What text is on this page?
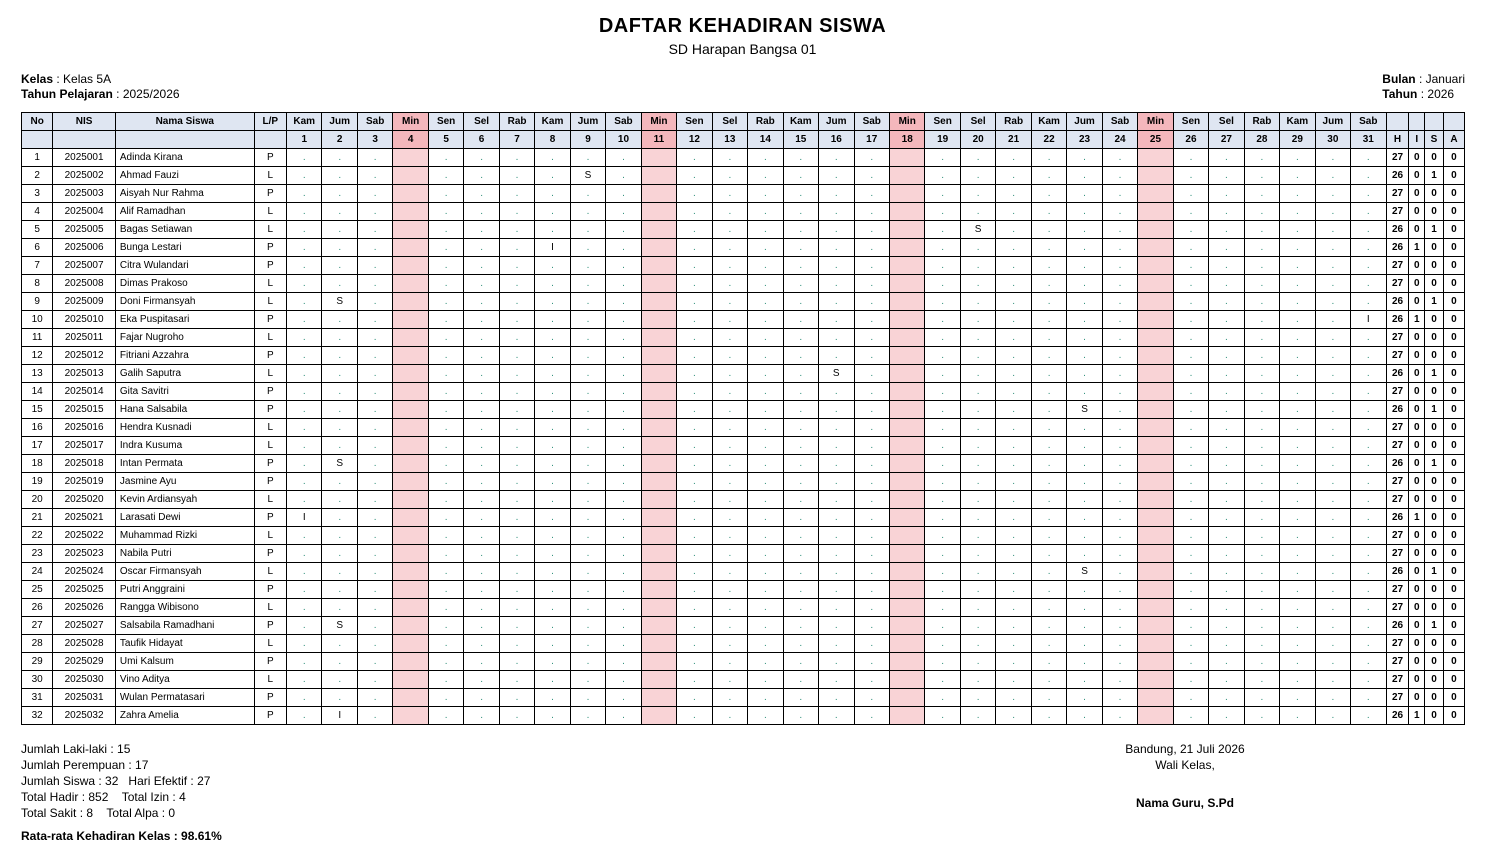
DAFTAR KEHADIRAN SISWA
SD Harapan Bangsa 01
Kelas : Kelas 5A
Tahun Pelajaran : 2025/2026
Bulan : Januari
Tahun : 2026
No	NIS	Nama Siswa	L/P	Kam	Jum	Sab	Min	Sen	Sel	Rab	Kam	Jum	Sab	Min	Sen	Sel	Rab	Kam	Jum	Sab	Min	Sen	Sel	Rab	Kam	Jum	Sab	Min	Sen	Sel	Rab	Kam	Jum	Sab				
				1	2	3	4	5	6	7	8	9	10	11	12	13	14	15	16	17	18	19	20	21	22	23	24	25	26	27	28	29	30	31	H	I	S	A
1	2025001	Adinda Kirana	P	.	.	.		.	.	.	.	.	.		.	.	.	.	.	.		.	.	.	.	.	.		.	.	.	.	.	.	27	0	0	0
2	2025002	Ahmad Fauzi	L	.	.	.		.	.	.	.	S	.		.	.	.	.	.	.		.	.	.	.	.	.		.	.	.	.	.	.	26	0	1	0
3	2025003	Aisyah Nur Rahma	P	.	.	.		.	.	.	.	.	.		.	.	.	.	.	.		.	.	.	.	.	.		.	.	.	.	.	.	27	0	0	0
4	2025004	Alif Ramadhan	L	.	.	.		.	.	.	.	.	.		.	.	.	.	.	.		.	.	.	.	.	.		.	.	.	.	.	.	27	0	0	0
5	2025005	Bagas Setiawan	L	.	.	.		.	.	.	.	.	.		.	.	.	.	.	.		.	S	.	.	.	.		.	.	.	.	.	.	26	0	1	0
6	2025006	Bunga Lestari	P	.	.	.		.	.	.	I	.	.		.	.	.	.	.	.		.	.	.	.	.	.		.	.	.	.	.	.	26	1	0	0
7	2025007	Citra Wulandari	P	.	.	.		.	.	.	.	.	.		.	.	.	.	.	.		.	.	.	.	.	.		.	.	.	.	.	.	27	0	0	0
8	2025008	Dimas Prakoso	L	.	.	.		.	.	.	.	.	.		.	.	.	.	.	.		.	.	.	.	.	.		.	.	.	.	.	.	27	0	0	0
9	2025009	Doni Firmansyah	L	.	S	.		.	.	.	.	.	.		.	.	.	.	.	.		.	.	.	.	.	.		.	.	.	.	.	.	26	0	1	0
10	2025010	Eka Puspitasari	P	.	.	.		.	.	.	.	.	.		.	.	.	.	.	.		.	.	.	.	.	.		.	.	.	.	.	I	26	1	0	0
11	2025011	Fajar Nugroho	L	.	.	.		.	.	.	.	.	.		.	.	.	.	.	.		.	.	.	.	.	.		.	.	.	.	.	.	27	0	0	0
12	2025012	Fitriani Azzahra	P	.	.	.		.	.	.	.	.	.		.	.	.	.	.	.		.	.	.	.	.	.		.	.	.	.	.	.	27	0	0	0
13	2025013	Galih Saputra	L	.	.	.		.	.	.	.	.	.		.	.	.	.	S	.		.	.	.	.	.	.		.	.	.	.	.	.	26	0	1	0
14	2025014	Gita Savitri	P	.	.	.		.	.	.	.	.	.		.	.	.	.	.	.		.	.	.	.	.	.		.	.	.	.	.	.	27	0	0	0
15	2025015	Hana Salsabila	P	.	.	.		.	.	.	.	.	.		.	.	.	.	.	.		.	.	.	.	S	.		.	.	.	.	.	.	26	0	1	0
16	2025016	Hendra Kusnadi	L	.	.	.		.	.	.	.	.	.		.	.	.	.	.	.		.	.	.	.	.	.		.	.	.	.	.	.	27	0	0	0
17	2025017	Indra Kusuma	L	.	.	.		.	.	.	.	.	.		.	.	.	.	.	.		.	.	.	.	.	.		.	.	.	.	.	.	27	0	0	0
18	2025018	Intan Permata	P	.	S	.		.	.	.	.	.	.		.	.	.	.	.	.		.	.	.	.	.	.		.	.	.	.	.	.	26	0	1	0
19	2025019	Jasmine Ayu	P	.	.	.		.	.	.	.	.	.		.	.	.	.	.	.		.	.	.	.	.	.		.	.	.	.	.	.	27	0	0	0
20	2025020	Kevin Ardiansyah	L	.	.	.		.	.	.	.	.	.		.	.	.	.	.	.		.	.	.	.	.	.		.	.	.	.	.	.	27	0	0	0
21	2025021	Larasati Dewi	P	I	.	.		.	.	.	.	.	.		.	.	.	.	.	.		.	.	.	.	.	.		.	.	.	.	.	.	26	1	0	0
22	2025022	Muhammad Rizki	L	.	.	.		.	.	.	.	.	.		.	.	.	.	.	.		.	.	.	.	.	.		.	.	.	.	.	.	27	0	0	0
23	2025023	Nabila Putri	P	.	.	.		.	.	.	.	.	.		.	.	.	.	.	.		.	.	.	.	.	.		.	.	.	.	.	.	27	0	0	0
24	2025024	Oscar Firmansyah	L	.	.	.		.	.	.	.	.	.		.	.	.	.	.	.		.	.	.	.	S	.		.	.	.	.	.	.	26	0	1	0
25	2025025	Putri Anggraini	P	.	.	.		.	.	.	.	.	.		.	.	.	.	.	.		.	.	.	.	.	.		.	.	.	.	.	.	27	0	0	0
26	2025026	Rangga Wibisono	L	.	.	.		.	.	.	.	.	.		.	.	.	.	.	.		.	.	.	.	.	.		.	.	.	.	.	.	27	0	0	0
27	2025027	Salsabila Ramadhani	P	.	S	.		.	.	.	.	.	.		.	.	.	.	.	.		.	.	.	.	.	.		.	.	.	.	.	.	26	0	1	0
28	2025028	Taufik Hidayat	L	.	.	.		.	.	.	.	.	.		.	.	.	.	.	.		.	.	.	.	.	.		.	.	.	.	.	.	27	0	0	0
29	2025029	Umi Kalsum	P	.	.	.		.	.	.	.	.	.		.	.	.	.	.	.		.	.	.	.	.	.		.	.	.	.	.	.	27	0	0	0
30	2025030	Vino Aditya	L	.	.	.		.	.	.	.	.	.		.	.	.	.	.	.		.	.	.	.	.	.		.	.	.	.	.	.	27	0	0	0
31	2025031	Wulan Permatasari	P	.	.	.		.	.	.	.	.	.		.	.	.	.	.	.		.	.	.	.	.	.		.	.	.	.	.	.	27	0	0	0
32	2025032	Zahra Amelia	P	.	I	.		.	.	.	.	.	.		.	.	.	.	.	.		.	.	.	.	.	.		.	.	.	.	.	.	26	1	0	0
Jumlah Laki-laki : 15
Jumlah Perempuan : 17
Jumlah Siswa : 32 Hari Efektif : 27
Total Hadir : 852 Total Izin : 4
Total Sakit : 8 Total Alpa : 0
Rata-rata Kehadiran Kelas : 98.61%
Bandung, 21 Juli 2026
Wali Kelas,
Nama Guru, S.Pd
